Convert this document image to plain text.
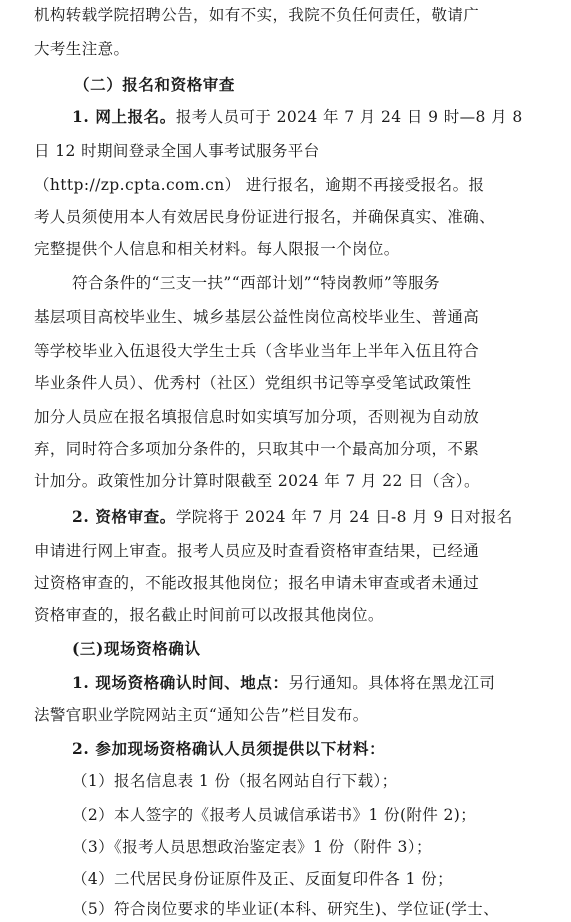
机构转载学院招聘公告，如有不实，我院不负任何责任，敬请广
大考生注意。
（二）报名和资格审查
1. 网上报名。报考人员可于 2024 年 7 月 24 日 9 时—8 月 8
日 12 时期间登录全国人事考试服务平台
（http://zp.cpta.com.cn） 进行报名，逾期不再接受报名。报
考人员须使用本人有效居民身份证进行报名，并确保真实、准确、
完整提供个人信息和相关材料。每人限报一个岗位。
符合条件的“三支一扶”“西部计划”“特岗教师”等服务
基层项目高校毕业生、城乡基层公益性岗位高校毕业生、普通高
等学校毕业入伍退役大学生士兵（含毕业当年上半年入伍且符合
毕业条件人员）、优秀村（社区）党组织书记等享受笔试政策性
加分人员应在报名填报信息时如实填写加分项，否则视为自动放
弃，同时符合多项加分条件的，只取其中一个最高加分项，不累
计加分。政策性加分计算时限截至 2024 年 7 月 22 日（含）。
2. 资格审查。学院将于 2024 年 7 月 24 日-8 月 9 日对报名
申请进行网上审查。报考人员应及时查看资格审查结果，已经通
过资格审查的，不能改报其他岗位；报名申请未审查或者未通过
资格审查的，报名截止时间前可以改报其他岗位。
(三)现场资格确认
1. 现场资格确认时间、地点：另行通知。具体将在黑龙江司
法警官职业学院网站主页“通知公告”栏目发布。
2. 参加现场资格确认人员须提供以下材料：
（1）报名信息表 1 份（报名网站自行下载）；
（2）本人签字的《报考人员诚信承诺书》1 份(附件 2)；
（3）《报考人员思想政治鉴定表》1 份（附件 3）；
（4）二代居民身份证原件及正、反面复印件各 1 份；
（5）符合岗位要求的毕业证(本科、研究生)、学位证(学士、
